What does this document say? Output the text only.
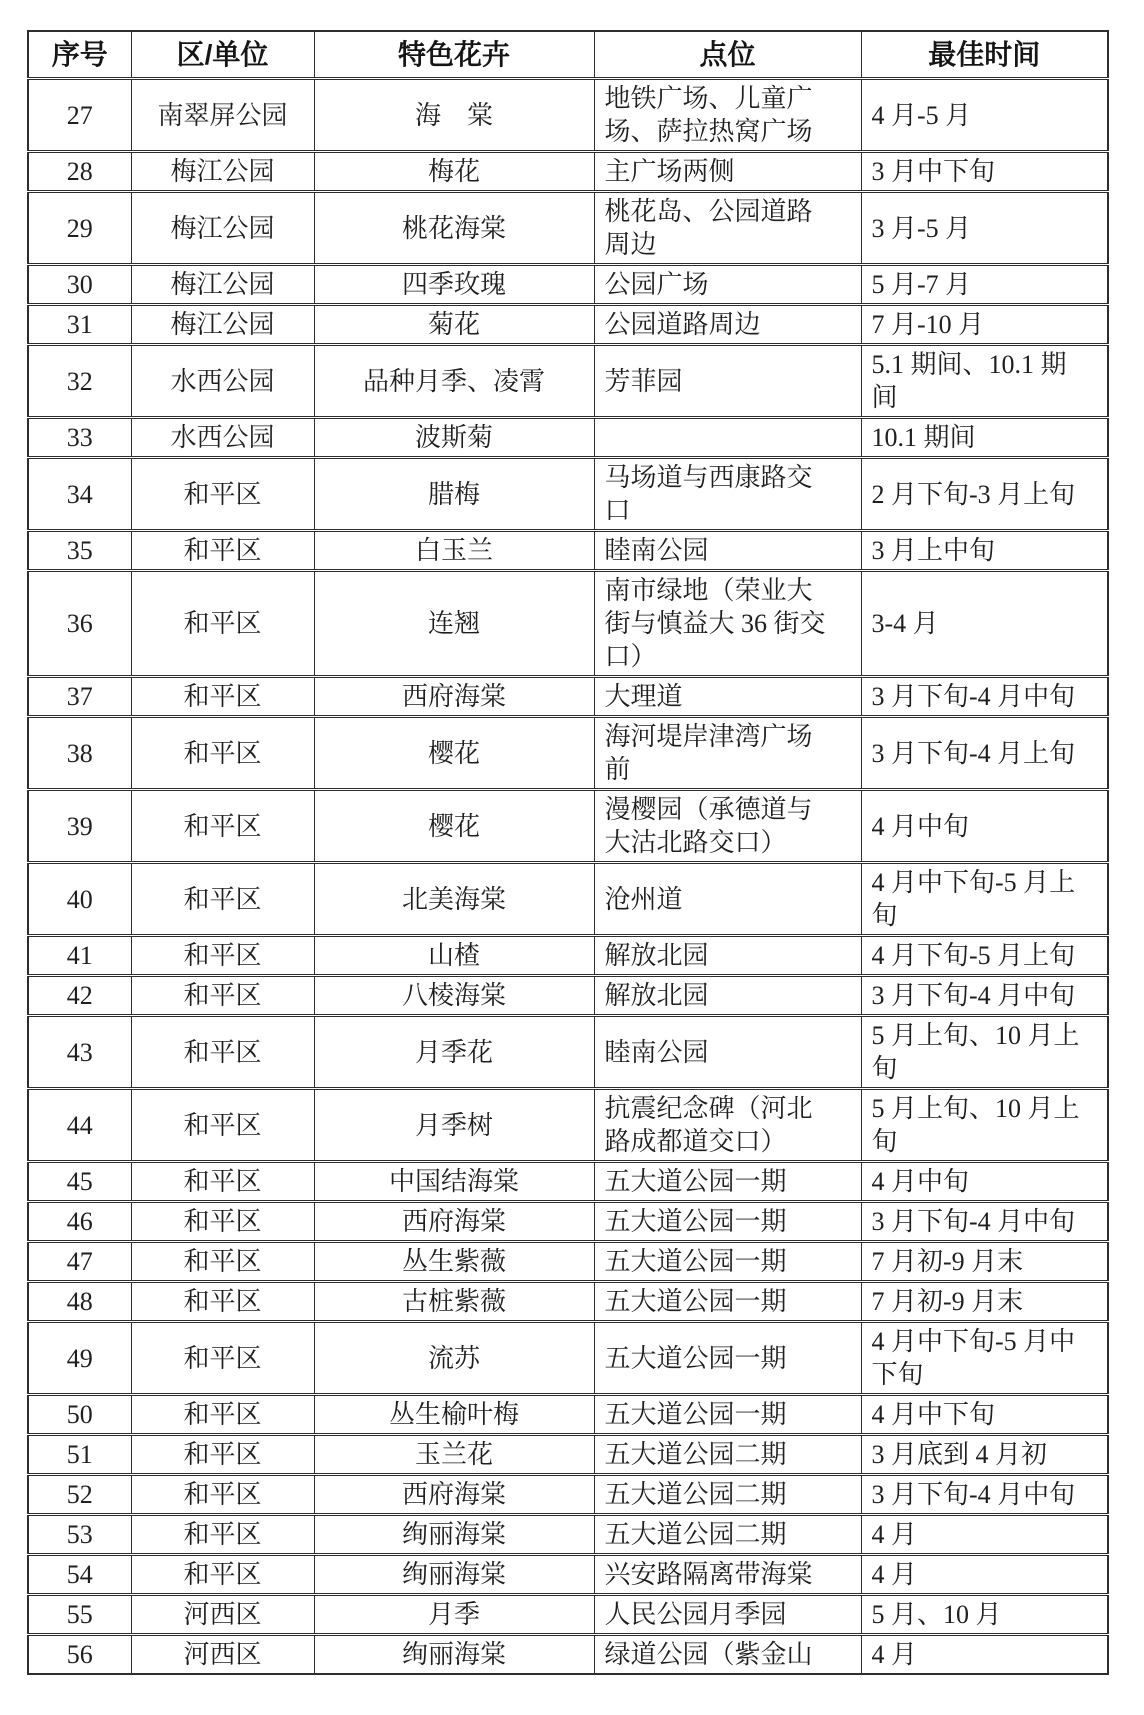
序号	区/单位	特色花卉	点位	最佳时间
27	南翠屏公园	海　棠	地铁广场、儿童广场、萨拉热窝广场	4 月-5 月
28	梅江公园	梅花	主广场两侧	3 月中下旬
29	梅江公园	桃花海棠	桃花岛、公园道路周边	3 月-5 月
30	梅江公园	四季玫瑰	公园广场	5 月-7 月
31	梅江公园	菊花	公园道路周边	7 月-10 月
32	水西公园	品种月季、凌霄	芳菲园	5.1 期间、10.1 期间
33	水西公园	波斯菊		10.1 期间
34	和平区	腊梅	马场道与西康路交口	2 月下旬-3 月上旬
35	和平区	白玉兰	睦南公园	3 月上中旬
36	和平区	连翘	南市绿地（荣业大街与慎益大 36 街交口）	3-4 月
37	和平区	西府海棠	大理道	3 月下旬-4 月中旬
38	和平区	樱花	海河堤岸津湾广场前	3 月下旬-4 月上旬
39	和平区	樱花	漫樱园（承德道与大沽北路交口）	4 月中旬
40	和平区	北美海棠	沧州道	4 月中下旬-5 月上旬
41	和平区	山楂	解放北园	4 月下旬-5 月上旬
42	和平区	八棱海棠	解放北园	3 月下旬-4 月中旬
43	和平区	月季花	睦南公园	5 月上旬、10 月上旬
44	和平区	月季树	抗震纪念碑（河北路成都道交口）	5 月上旬、10 月上旬
45	和平区	中国结海棠	五大道公园一期	4 月中旬
46	和平区	西府海棠	五大道公园一期	3 月下旬-4 月中旬
47	和平区	丛生紫薇	五大道公园一期	7 月初-9 月末
48	和平区	古桩紫薇	五大道公园一期	7 月初-9 月末
49	和平区	流苏	五大道公园一期	4 月中下旬-5 月中下旬
50	和平区	丛生榆叶梅	五大道公园一期	4 月中下旬
51	和平区	玉兰花	五大道公园二期	3 月底到 4 月初
52	和平区	西府海棠	五大道公园二期	3 月下旬-4 月中旬
53	和平区	绚丽海棠	五大道公园二期	4 月
54	和平区	绚丽海棠	兴安路隔离带海棠	4 月
55	河西区	月季	人民公园月季园	5 月、10 月
56	河西区	绚丽海棠	绿道公园（紫金山	4 月
